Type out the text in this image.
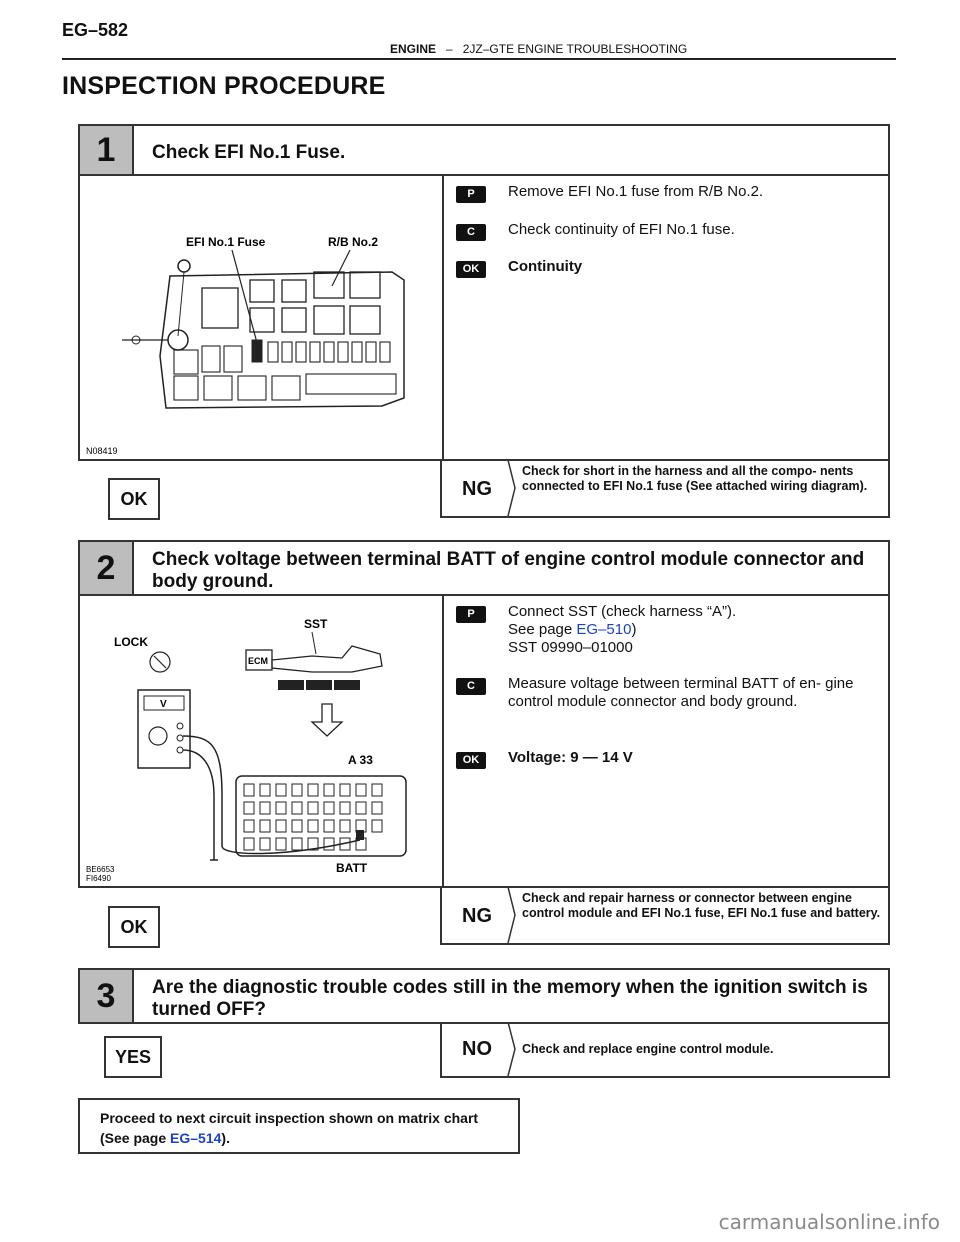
EG–582
ENGINE – 2JZ–GTE ENGINE TROUBLESHOOTING
INSPECTION PROCEDURE
1 Check EFI No.1 Fuse.
EFI No.1 Fuse	R/B No.2
N08419
P	Remove EFI No.1 fuse from R/B No.2.
C	Check continuity of EFI No.1 fuse.
OK	Continuity
OK	NG
Check for short in the harness and all the compo- nents connected to EFI No.1 fuse (See attached wiring diagram).
2 Check voltage between terminal BATT of engine control module connector and body ground.
LOCK
SST
ECM
A 33
V
BATT
BE6653
FI6490
P	Connect SST (check harness “A”).
See page EG–510)
SST 09990–01000
C	Measure voltage between terminal BATT of en- gine control module connector and body ground.
OK	Voltage: 9 — 14 V
OK	NG
Check and repair harness or connector between engine control module and EFI No.1 fuse, EFI No.1 fuse and battery.
3 Are the diagnostic trouble codes still in the memory when the ignition switch is turned OFF?
YES	NO Check and replace engine control module.
Proceed to next circuit inspection shown on matrix chart (See page EG–514).
carmanualsonline.info
